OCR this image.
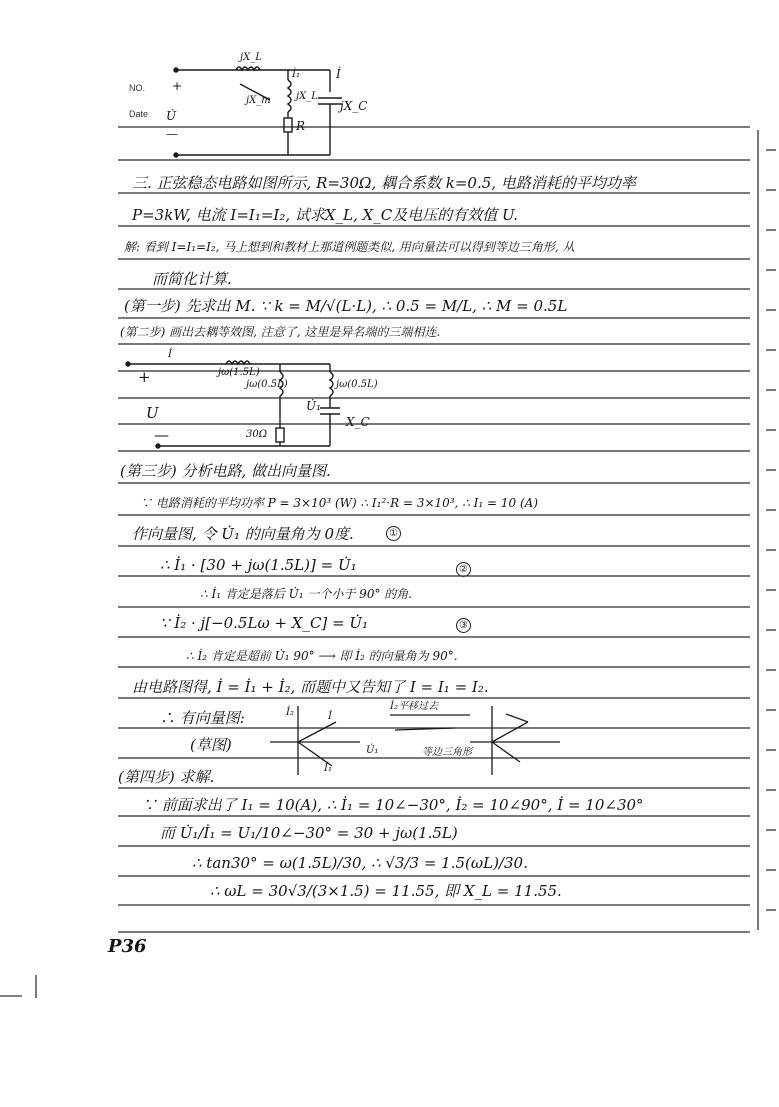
NO.
Date
+
—
U̇
jX_L
İ
İ₁
jX_m	jX_L
R
jX_C
三. 正弦稳态电路如图所示, R=30Ω, 耦合系数 k=0.5, 电路消耗的平均功率
P=3kW, 电流 I=I₁=I₂, 试求X_L, X_C及电压的有效值 U.
解: 看到 I=I₁=I₂, 马上想到和教材上那道例题类似, 用向量法可以得到等边三角形, 从
而简化计算.
(第一步) 先求出 M. ∵ k = M/√(L·L), ∴ 0.5 = M/L, ∴ M = 0.5L
(第二步) 画出去耦等效图, 注意了, 这里是异名端的三端相连.
İ
jω(1.5L)
jω(0.5L)	jω(0.5L)
U̇₁
X_C
30Ω
U
+
—
(第三步) 分析电路, 做出向量图.
∵ 电路消耗的平均功率 P = 3×10³ (W) ∴ I₁²·R = 3×10³, ∴ I₁ = 10 (A)
作向量图, 令 U̇₁ 的向量角为 0度.	①
∴ İ₁ · [30 + jω(1.5L)] = U̇₁	②
∴ İ₁ 肯定是落后 U̇₁ 一个小于 90° 的角.
∵ İ₂ · j[−0.5Lω + X_C] = U̇₁	③
∴ İ₂ 肯定是超前 U̇₁ 90° ⟶ 即 İ₂ 的向量角为 90°.
由电路图得, İ = İ₁ + İ₂, 而题中又告知了 I = I₁ = I₂.
∴ 有向量图:
(草图)
İ₂	İ
İ₁
U̇₁
İ₂平移过去
等边三角形
(第四步) 求解.
∵ 前面求出了 I₁ = 10(A), ∴ İ₁ = 10∠−30°, İ₂ = 10∠90°, İ = 10∠30°
而 U̇₁/İ₁ = U₁/10∠−30° = 30 + jω(1.5L)
∴ tan30° = ω(1.5L)/30, ∴ √3/3 = 1.5(ωL)/30.
∴ ωL = 30√3/(3×1.5) = 11.55, 即 X_L = 11.55.
P36
